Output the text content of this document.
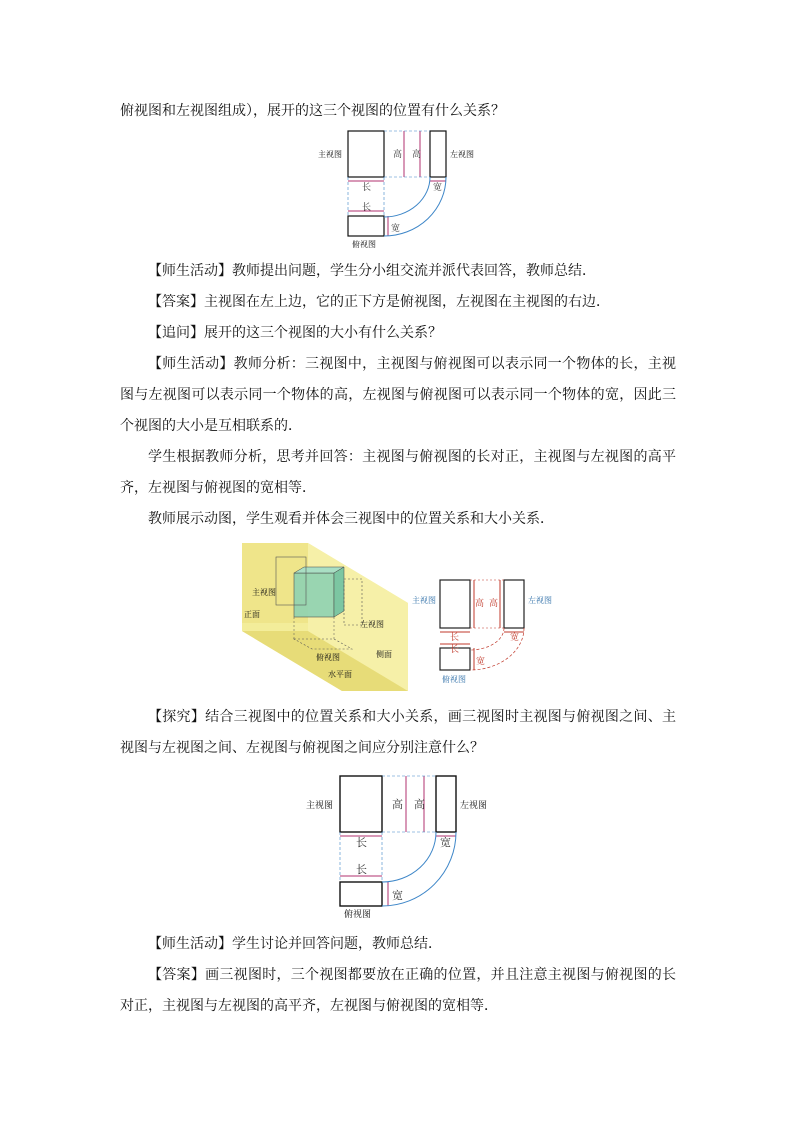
俯视图和左视图组成），展开的这三个视图的位置有什么关系？

主视图	左视图
俯视图
高 高
长
长
宽
宽

【师生活动】教师提出问题，学生分小组交流并派代表回答，教师总结．

【答案】主视图在左上边，它的正下方是俯视图，左视图在主视图的右边．

【追问】展开的这三个视图的大小有什么关系？

【师生活动】教师分析：三视图中，主视图与俯视图可以表示同一个物体的长，主视图与左视图可以表示同一个物体的高，左视图与俯视图可以表示同一个物体的宽，因此三个视图的大小是互相联系的．

学生根据教师分析，思考并回答：主视图与俯视图的长对正，主视图与左视图的高平齐，左视图与俯视图的宽相等．

教师展示动图，学生观看并体会三视图中的位置关系和大小关系．

主视图
正面
左视图
俯视图	侧面
水平面
主视图	左视图
俯视图
高 高
长
长
宽
宽

【探究】结合三视图中的位置关系和大小关系，画三视图时主视图与俯视图之间、主视图与左视图之间、左视图与俯视图之间应分别注意什么？

主视图	左视图
俯视图
高 高
长
长
宽
宽

【师生活动】学生讨论并回答问题，教师总结．

【答案】画三视图时，三个视图都要放在正确的位置，并且注意主视图与俯视图的长对正，主视图与左视图的高平齐，左视图与俯视图的宽相等．
